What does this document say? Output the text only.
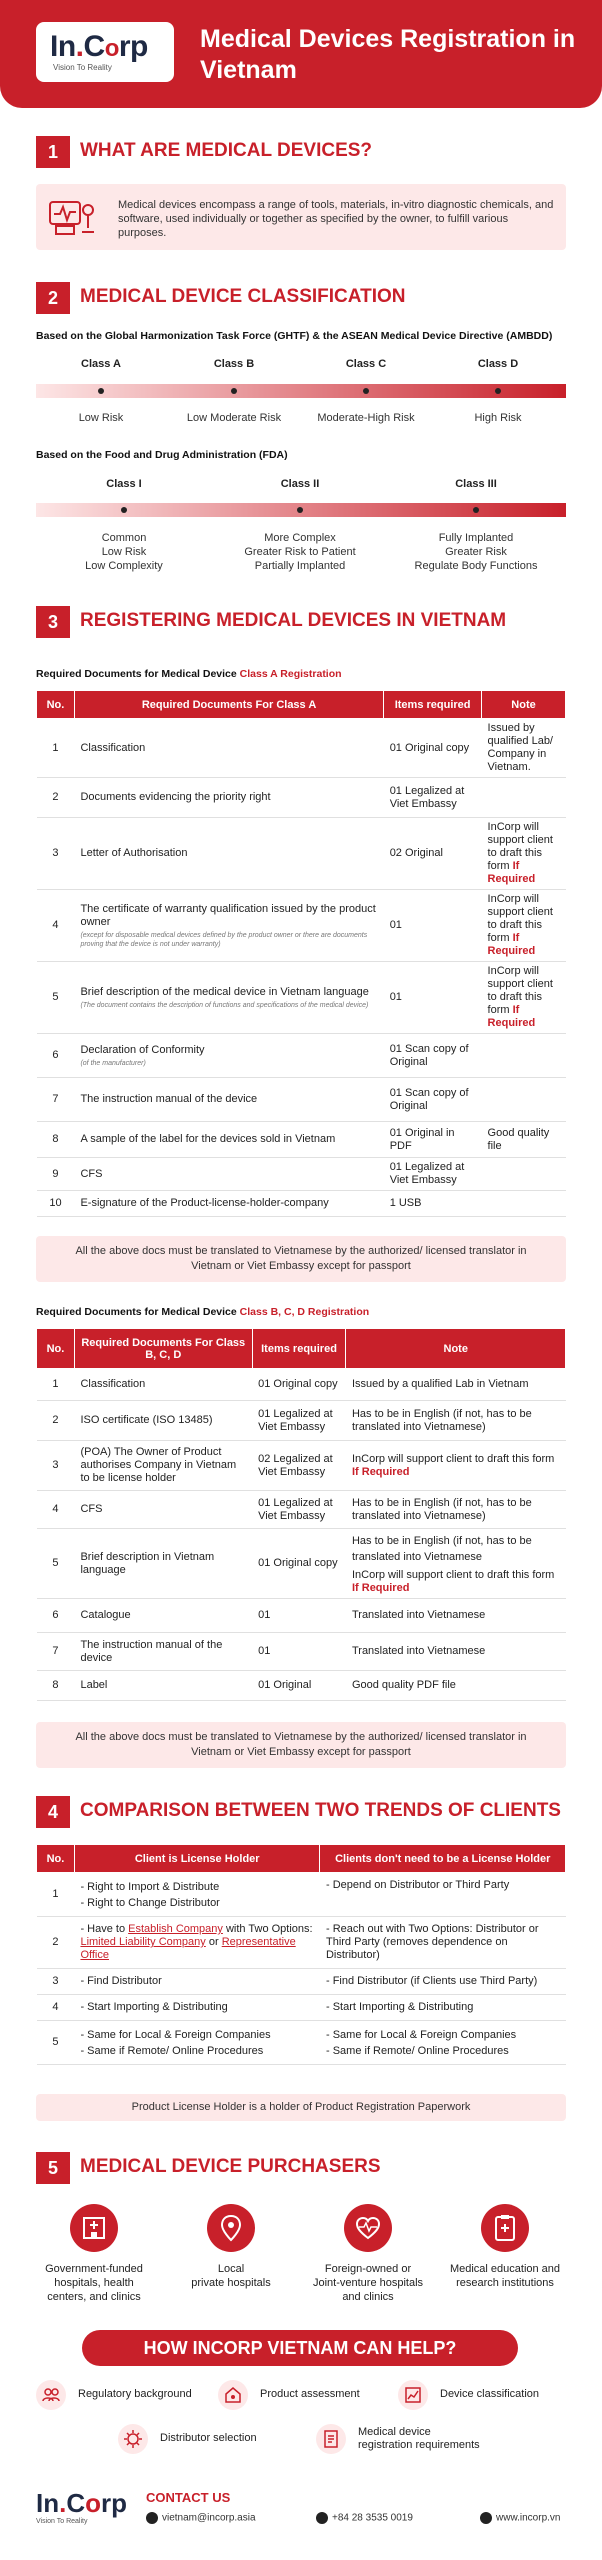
In.Corp
Vision To Reality
Medical Devices Registration in Vietnam
1	WHAT ARE MEDICAL DEVICES?
Medical devices encompass a range of tools, materials, in-vitro diagnostic chemicals, and software, used individually or together as specified by the owner, to fulfill various purposes.
2	MEDICAL DEVICE CLASSIFICATION
Based on the Global Harmonization Task Force (GHTF) & the ASEAN Medical Device Directive (AMBDD)
Class A	Class B	Class C	Class D
Low Risk	Low Moderate Risk	Moderate-High Risk	High Risk
Based on the Food and Drug Administration (FDA)
Class I	Class II	Class III
Common
Low Risk
Low Complexity
More Complex
Greater Risk to Patient
Partially Implanted
Fully Implanted
Greater Risk
Regulate Body Functions
3	REGISTERING MEDICAL DEVICES IN VIETNAM
Required Documents for Medical Device Class A Registration
No.	Required Documents For Class A	Items required	Note
1	Classification	01 Original copy	Issued by qualified Lab/ Company in Vietnam.
2	Documents evidencing the priority right	01 Legalized at Viet Embassy	
3	Letter of Authorisation	02 Original	InCorp will support client to draft this form If Required
4	The certificate of warranty qualification issued by the product owner
(except for disposable medical devices defined by the product owner or there are documents proving that the device is not under warranty)	01	InCorp will support client to draft this form If Required
5	Brief description of the medical device in Vietnam language
(The document contains the description of functions and specifications of the medical device)	01	InCorp will support client to draft this form If Required
6	Declaration of Conformity
(of the manufacturer)	01 Scan copy of Original	
7	The instruction manual of the device	01 Scan copy of Original	
8	A sample of the label for the devices sold in Vietnam	01 Original in PDF	Good quality file
9	CFS	01 Legalized at Viet Embassy	
10	E-signature of the Product-license-holder-company	1 USB	
All the above docs must be translated to Vietnamese by the authorized/ licensed translator in Vietnam or Viet Embassy except for passport
Required Documents for Medical Device Class B, C, D Registration
No.	Required Documents For Class B, C, D	Items required	Note
1	Classification	01 Original copy	Issued by a qualified Lab in Vietnam
2	ISO certificate (ISO 13485)	01 Legalized at Viet Embassy	Has to be in English (if not, has to be translated into Vietnamese)
3	(POA) The Owner of Product authorises Company in Vietnam to be license holder	02 Legalized at Viet Embassy	InCorp will support client to draft this form If Required
4	CFS	01 Legalized at Viet Embassy	Has to be in English (if not, has to be translated into Vietnamese)
5	Brief description in Vietnam language	01 Original copy	Has to be in English (if not, has to be translated into Vietnamese
InCorp will support client to draft this form If Required

6	Catalogue	01	Translated into Vietnamese
7	The instruction manual of the device	01	Translated into Vietnamese
8	Label	01 Original	Good quality PDF file
All the above docs must be translated to Vietnamese by the authorized/ licensed translator in Vietnam or Viet Embassy except for passport
4	COMPARISON BETWEEN TWO TRENDS OF CLIENTS
No.	Client is License Holder	Clients don't need to be a License Holder
1	- Right to Import & Distribute
- Right to Change Distributor	- Depend on Distributor or Third Party
2	- Have to Establish Company with Two Options: Limited Liability Company or Representative Office	- Reach out with Two Options: Distributor or Third Party (removes dependence on Distributor)
3	- Find Distributor	- Find Distributor (if Clients use Third Party)
4	- Start Importing & Distributing	- Start Importing & Distributing
5	- Same for Local & Foreign Companies
- Same if Remote/ Online Procedures	- Same for Local & Foreign Companies
- Same if Remote/ Online Procedures
Product License Holder is a holder of Product Registration Paperwork
5	MEDICAL DEVICE PURCHASERS
Government-funded
hospitals, health
centers, and clinics
Local
private hospitals
Foreign-owned or
Joint-venture hospitals
and clinics
Medical education and
research institutions
HOW INCORP VIETNAM CAN HELP?
Regulatory background	Product assessment	Device classification
Distributor selection	Medical device
registration requirements
In.Corp
Vision To Reality
CONTACT US
vietnam@incorp.asia	+84 28 3535 0019	www.incorp.vn
